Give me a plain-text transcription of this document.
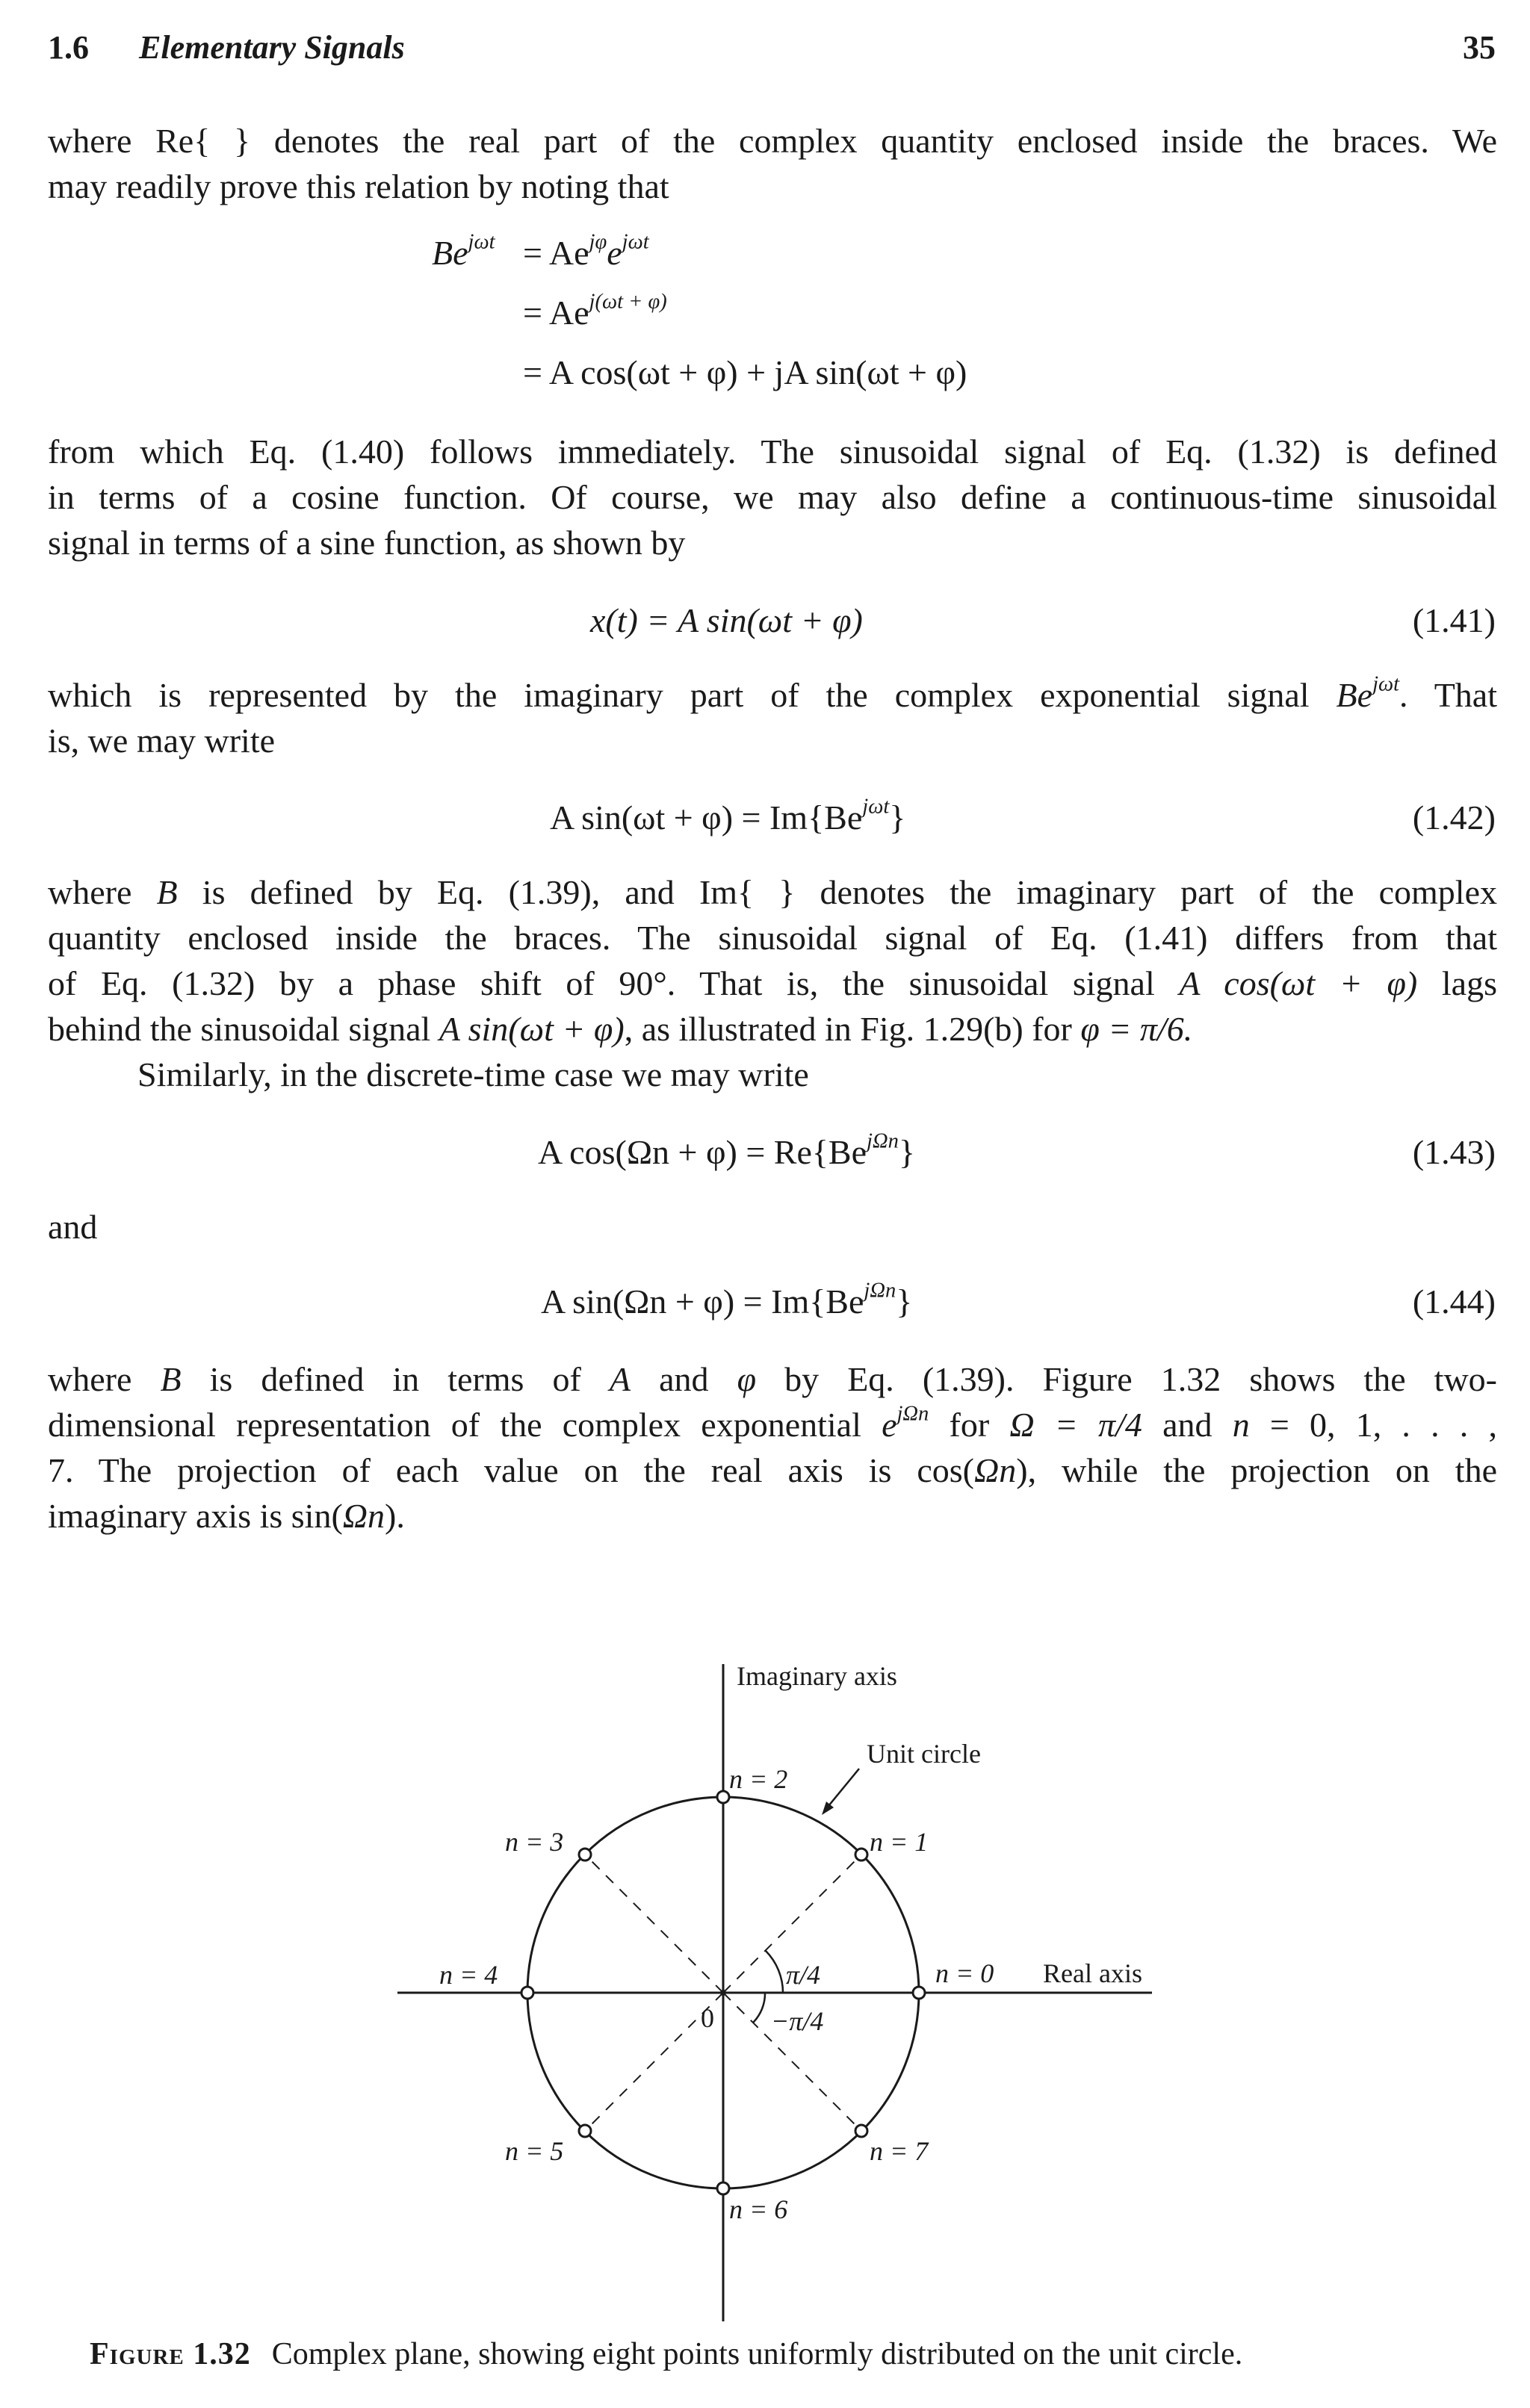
1.6 Elementary Signals	35
where Re{ } denotes the real part of the complex quantity enclosed inside the braces. We
may readily prove this relation by noting that
$Be^{j\omega t} = Ae^{j\varphi}e^{j\omega t}$
= $Ae^{j(\omega t + \varphi)}$
= A cos(ωt + φ) + jA sin(ωt + φ)
from which Eq. (1.40) follows immediately. The sinusoidal signal of Eq. (1.32) is defined
in terms of a cosine function. Of course, we may also define a continuous-time sinusoidal
signal in terms of a sine function, as shown by
x(t) = A sin(ωt + φ)	(1.41)
which is represented by the imaginary part of the complex exponential signal $Be^{j\omega t}$. That
is, we may write
A $\sin(\omega t + \varphi) = Im\{Be^{j\omega t}\}$	(1.42)
where B is defined by Eq. (1.39), and Im{ } denotes the imaginary part of the complex
quantity enclosed inside the braces. The sinusoidal signal of Eq. (1.41) differs from that
of Eq. (1.32) by a phase shift of 90°. That is, the sinusoidal signal A cos(ωt + φ) lags
behind the sinusoidal signal A sin(ωt + φ), as illustrated in Fig. 1.29(b) for φ = π/6.
Similarly, in the discrete-time case we may write
A $\cos(\Omega n + \varphi) = Re\{Be^{j\Omega n}\}$	(1.43)
and
A $\sin(\Omega n + \varphi) = Im\{Be^{j\Omega n}\}$	(1.44)
where B is defined in terms of A and φ by Eq. (1.39). Figure 1.32 shows the two-
dimensional representation of the complex exponential $e^{j\Omega n}$ for Ω = π/4 and n = 0, 1, . . . ,
7. The projection of each value on the real axis is cos(Ωn), while the projection on the
imaginary axis is sin(Ωn).
Imaginary axis
Real axis
Unit circle
0
π/4
−π/4
n = 0
n = 1
n = 2
n = 3
n = 4
n = 5
n = 6
n = 7
Figure 1.32 Complex plane, showing eight points uniformly distributed on the unit circle.
